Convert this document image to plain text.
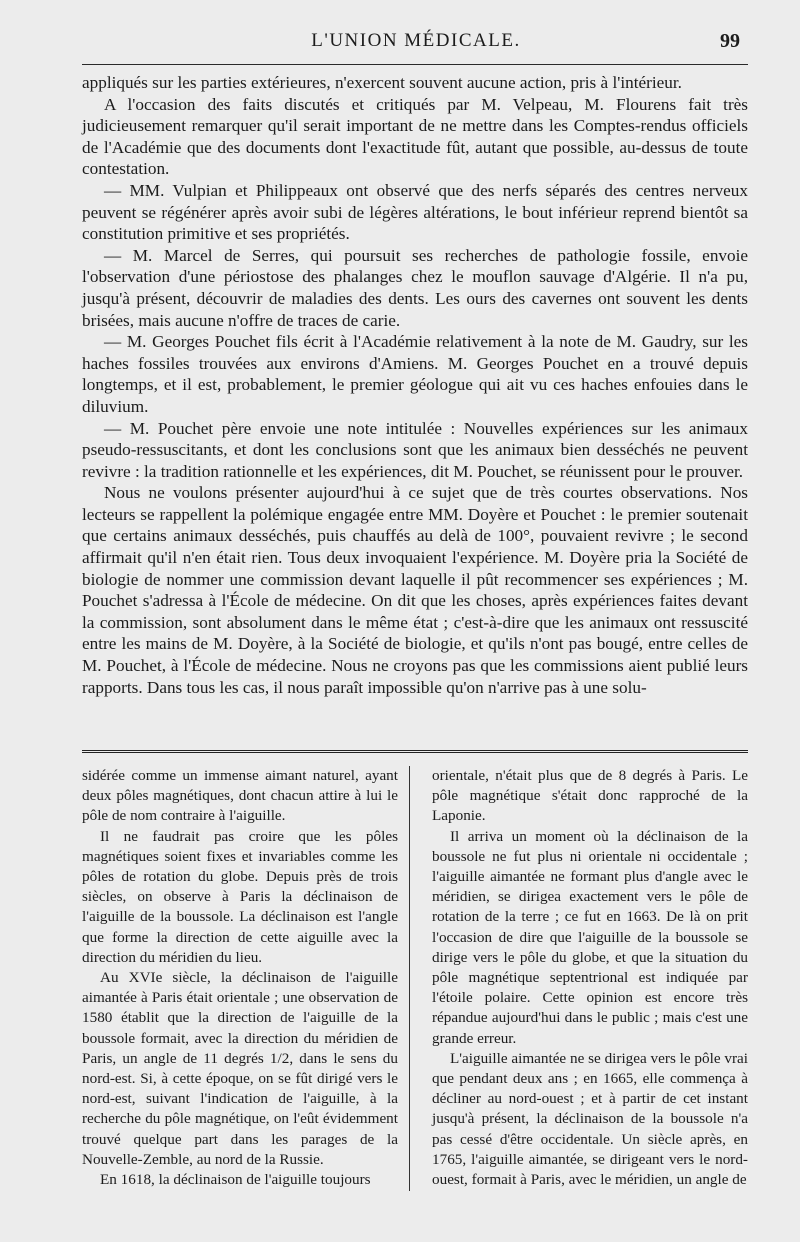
L'UNION MÉDICALE.	99

appliqués sur les parties extérieures, n'exercent souvent aucune action, pris à l'intérieur.

A l'occasion des faits discutés et critiqués par M. Velpeau, M. Flourens fait très judicieusement remarquer qu'il serait important de ne mettre dans les Comptes-rendus officiels de l'Académie que des documents dont l'exactitude fût, autant que possible, au-dessus de toute contestation.

— MM. Vulpian et Philippeaux ont observé que des nerfs séparés des centres nerveux peuvent se régénérer après avoir subi de légères altérations, le bout inférieur reprend bientôt sa constitution primitive et ses propriétés.

— M. Marcel de Serres, qui poursuit ses recherches de pathologie fossile, envoie l'observation d'une périostose des phalanges chez le mouflon sauvage d'Algérie. Il n'a pu, jusqu'à présent, découvrir de maladies des dents. Les ours des cavernes ont souvent les dents brisées, mais aucune n'offre de traces de carie.

— M. Georges Pouchet fils écrit à l'Académie relativement à la note de M. Gaudry, sur les haches fossiles trouvées aux environs d'Amiens. M. Georges Pouchet en a trouvé depuis longtemps, et il est, probablement, le premier géologue qui ait vu ces haches enfouies dans le diluvium.

— M. Pouchet père envoie une note intitulée : Nouvelles expériences sur les animaux pseudo-ressuscitants, et dont les conclusions sont que les animaux bien desséchés ne peuvent revivre : la tradition rationnelle et les expériences, dit M. Pouchet, se réunissent pour le prouver.

Nous ne voulons présenter aujourd'hui à ce sujet que de très courtes observations. Nos lecteurs se rappellent la polémique engagée entre MM. Doyère et Pouchet : le premier soutenait que certains animaux desséchés, puis chauffés au delà de 100°, pouvaient revivre ; le second affirmait qu'il n'en était rien. Tous deux invoquaient l'expérience. M. Doyère pria la Société de biologie de nommer une commission devant laquelle il pût recommencer ses expériences ; M. Pouchet s'adressa à l'École de médecine. On dit que les choses, après expériences faites devant la commission, sont absolument dans le même état ; c'est-à-dire que les animaux ont ressuscité entre les mains de M. Doyère, à la Société de biologie, et qu'ils n'ont pas bougé, entre celles de M. Pouchet, à l'École de médecine. Nous ne croyons pas que les commissions aient publié leurs rapports. Dans tous les cas, il nous paraît impossible qu'on n'arrive pas à une solu-

sidérée comme un immense aimant naturel, ayant deux pôles magnétiques, dont chacun attire à lui le pôle de nom contraire à l'aiguille.

Il ne faudrait pas croire que les pôles magnétiques soient fixes et invariables comme les pôles de rotation du globe. Depuis près de trois siècles, on observe à Paris la déclinaison de l'aiguille de la boussole. La déclinaison est l'angle que forme la direction de cette aiguille avec la direction du méridien du lieu.

Au XVIe siècle, la déclinaison de l'aiguille aimantée à Paris était orientale ; une observation de 1580 établit que la direction de l'aiguille de la boussole formait, avec la direction du méridien de Paris, un angle de 11 degrés 1/2, dans le sens du nord-est. Si, à cette époque, on se fût dirigé vers le nord-est, suivant l'indication de l'aiguille, à la recherche du pôle magnétique, on l'eût évidemment trouvé quelque part dans les parages de la Nouvelle-Zemble, au nord de la Russie.

En 1618, la déclinaison de l'aiguille toujours

orientale, n'était plus que de 8 degrés à Paris. Le pôle magnétique s'était donc rapproché de la Laponie.

Il arriva un moment où la déclinaison de la boussole ne fut plus ni orientale ni occidentale ; l'aiguille aimantée ne formant plus d'angle avec le méridien, se dirigea exactement vers le pôle de rotation de la terre ; ce fut en 1663. De là on prit l'occasion de dire que l'aiguille de la boussole se dirige vers le pôle du globe, et que la situation du pôle magnétique septentrional est indiquée par l'étoile polaire. Cette opinion est encore très répandue aujourd'hui dans le public ; mais c'est une grande erreur.

L'aiguille aimantée ne se dirigea vers le pôle vrai que pendant deux ans ; en 1665, elle commença à décliner au nord-ouest ; et à partir de cet instant jusqu'à présent, la déclinaison de la boussole n'a pas cessé d'être occidentale. Un siècle après, en 1765, l'aiguille aimantée, se dirigeant vers le nord-ouest, formait à Paris, avec le méridien, un angle de
